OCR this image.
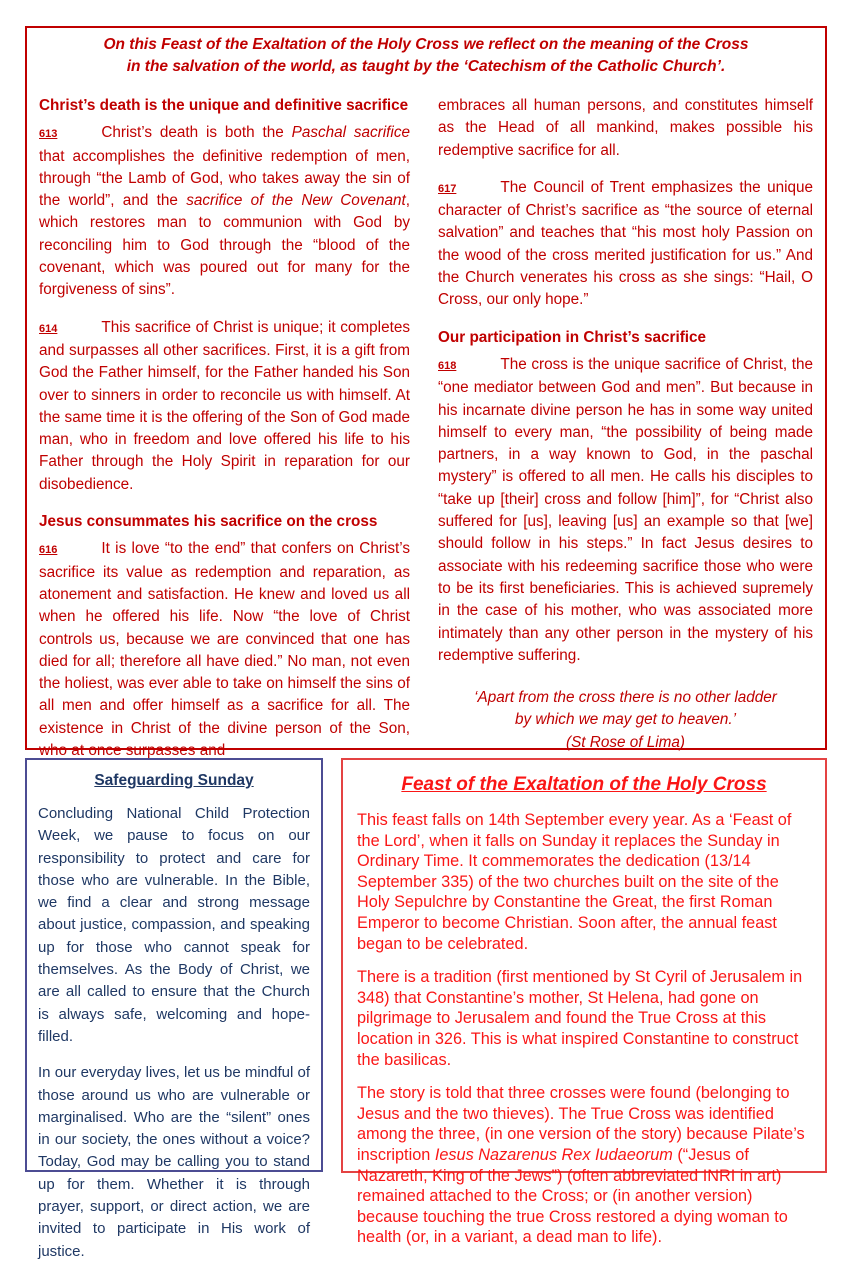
On this Feast of the Exaltation of the Holy Cross we reflect on the meaning of the Cross
in the salvation of the world, as taught by the ‘Catechism of the Catholic Church’.
Christ’s death is the unique and definitive sacrifice

613	Christ’s death is both the Paschal sacrifice that accomplishes the definitive redemption of men, through “the Lamb of God, who takes away the sin of the world”, and the sacrifice of the New Covenant, which restores man to communion with God by reconciling him to God through the “blood of the covenant, which was poured out for many for the forgiveness of sins”.

614	This sacrifice of Christ is unique; it completes and surpasses all other sacrifices. First, it is a gift from God the Father himself, for the Father handed his Son over to sinners in order to reconcile us with himself. At the same time it is the offering of the Son of God made man, who in freedom and love offered his life to his Father through the Holy Spirit in reparation for our disobedience.

Jesus consummates his sacrifice on the cross

616	It is love “to the end” that confers on Christ’s sacrifice its value as redemption and reparation, as atonement and satisfaction. He knew and loved us all when he offered his life. Now “the love of Christ controls us, because we are convinced that one has died for all; therefore all have died.” No man, not even the holiest, was ever able to take on himself the sins of all men and offer himself as a sacrifice for all. The existence in Christ of the divine person of the Son, who at once surpasses and

embraces all human persons, and constitutes himself as the Head of all mankind, makes possible his redemptive sacrifice for all.

617	The Council of Trent emphasizes the unique character of Christ’s sacrifice as “the source of eternal salvation” and teaches that “his most holy Passion on the wood of the cross merited justification for us.” And the Church venerates his cross as she sings: “Hail, O Cross, our only hope.”

Our participation in Christ’s sacrifice

618	The cross is the unique sacrifice of Christ, the “one mediator between God and men”. But because in his incarnate divine person he has in some way united himself to every man, “the possibility of being made partners, in a way known to God, in the paschal mystery” is offered to all men. He calls his disciples to “take up [their] cross and follow [him]”, for “Christ also suffered for [us], leaving [us] an example so that [we] should follow in his steps.” In fact Jesus desires to associate with his redeeming sacrifice those who were to be its first beneficiaries. This is achieved supremely in the case of his mother, who was associated more intimately than any other person in the mystery of his redemptive suffering.

‘Apart from the cross there is no other ladder
by which we may get to heaven.’
(St Rose of Lima)
Safeguarding Sunday

Concluding National Child Protection Week, we pause to focus on our responsibility to protect and care for those who are vulnerable. In the Bible, we find a clear and strong message about justice, compassion, and speaking up for those who cannot speak for themselves. As the Body of Christ, we are all called to ensure that the Church is always safe, welcoming and hope-filled.

In our everyday lives, let us be mindful of those around us who are vulnerable or marginalised. Who are the “silent” ones in our society, the ones without a voice? Today, God may be calling you to stand up for them. Whether it is through prayer, support, or direct action, we are invited to participate in His work of justice.

Feast of the Exaltation of the Holy Cross

This feast falls on 14th September every year. As a ‘Feast of the Lord’, when it falls on Sunday it replaces the Sunday in Ordinary Time. It commemorates the dedication (13/14 September 335) of the two churches built on the site of the Holy Sepulchre by Constantine the Great, the first Roman Emperor to become Christian. Soon after, the annual feast began to be celebrated.

There is a tradition (first mentioned by St Cyril of Jerusalem in 348) that Constantine’s mother, St Helena, had gone on pilgrimage to Jerusalem and found the True Cross at this location in 326. This is what inspired Constantine to construct the basilicas.

The story is told that three crosses were found (belonging to Jesus and the two thieves). The True Cross was identified among the three, (in one version of the story) because Pilate’s inscription Iesus Nazarenus Rex Iudaeorum (“Jesus of Nazareth, King of the Jews”) (often abbreviated INRI in art) remained attached to the Cross; or (in another version) because touching the true Cross restored a dying woman to health (or, in a variant, a dead man to life).
